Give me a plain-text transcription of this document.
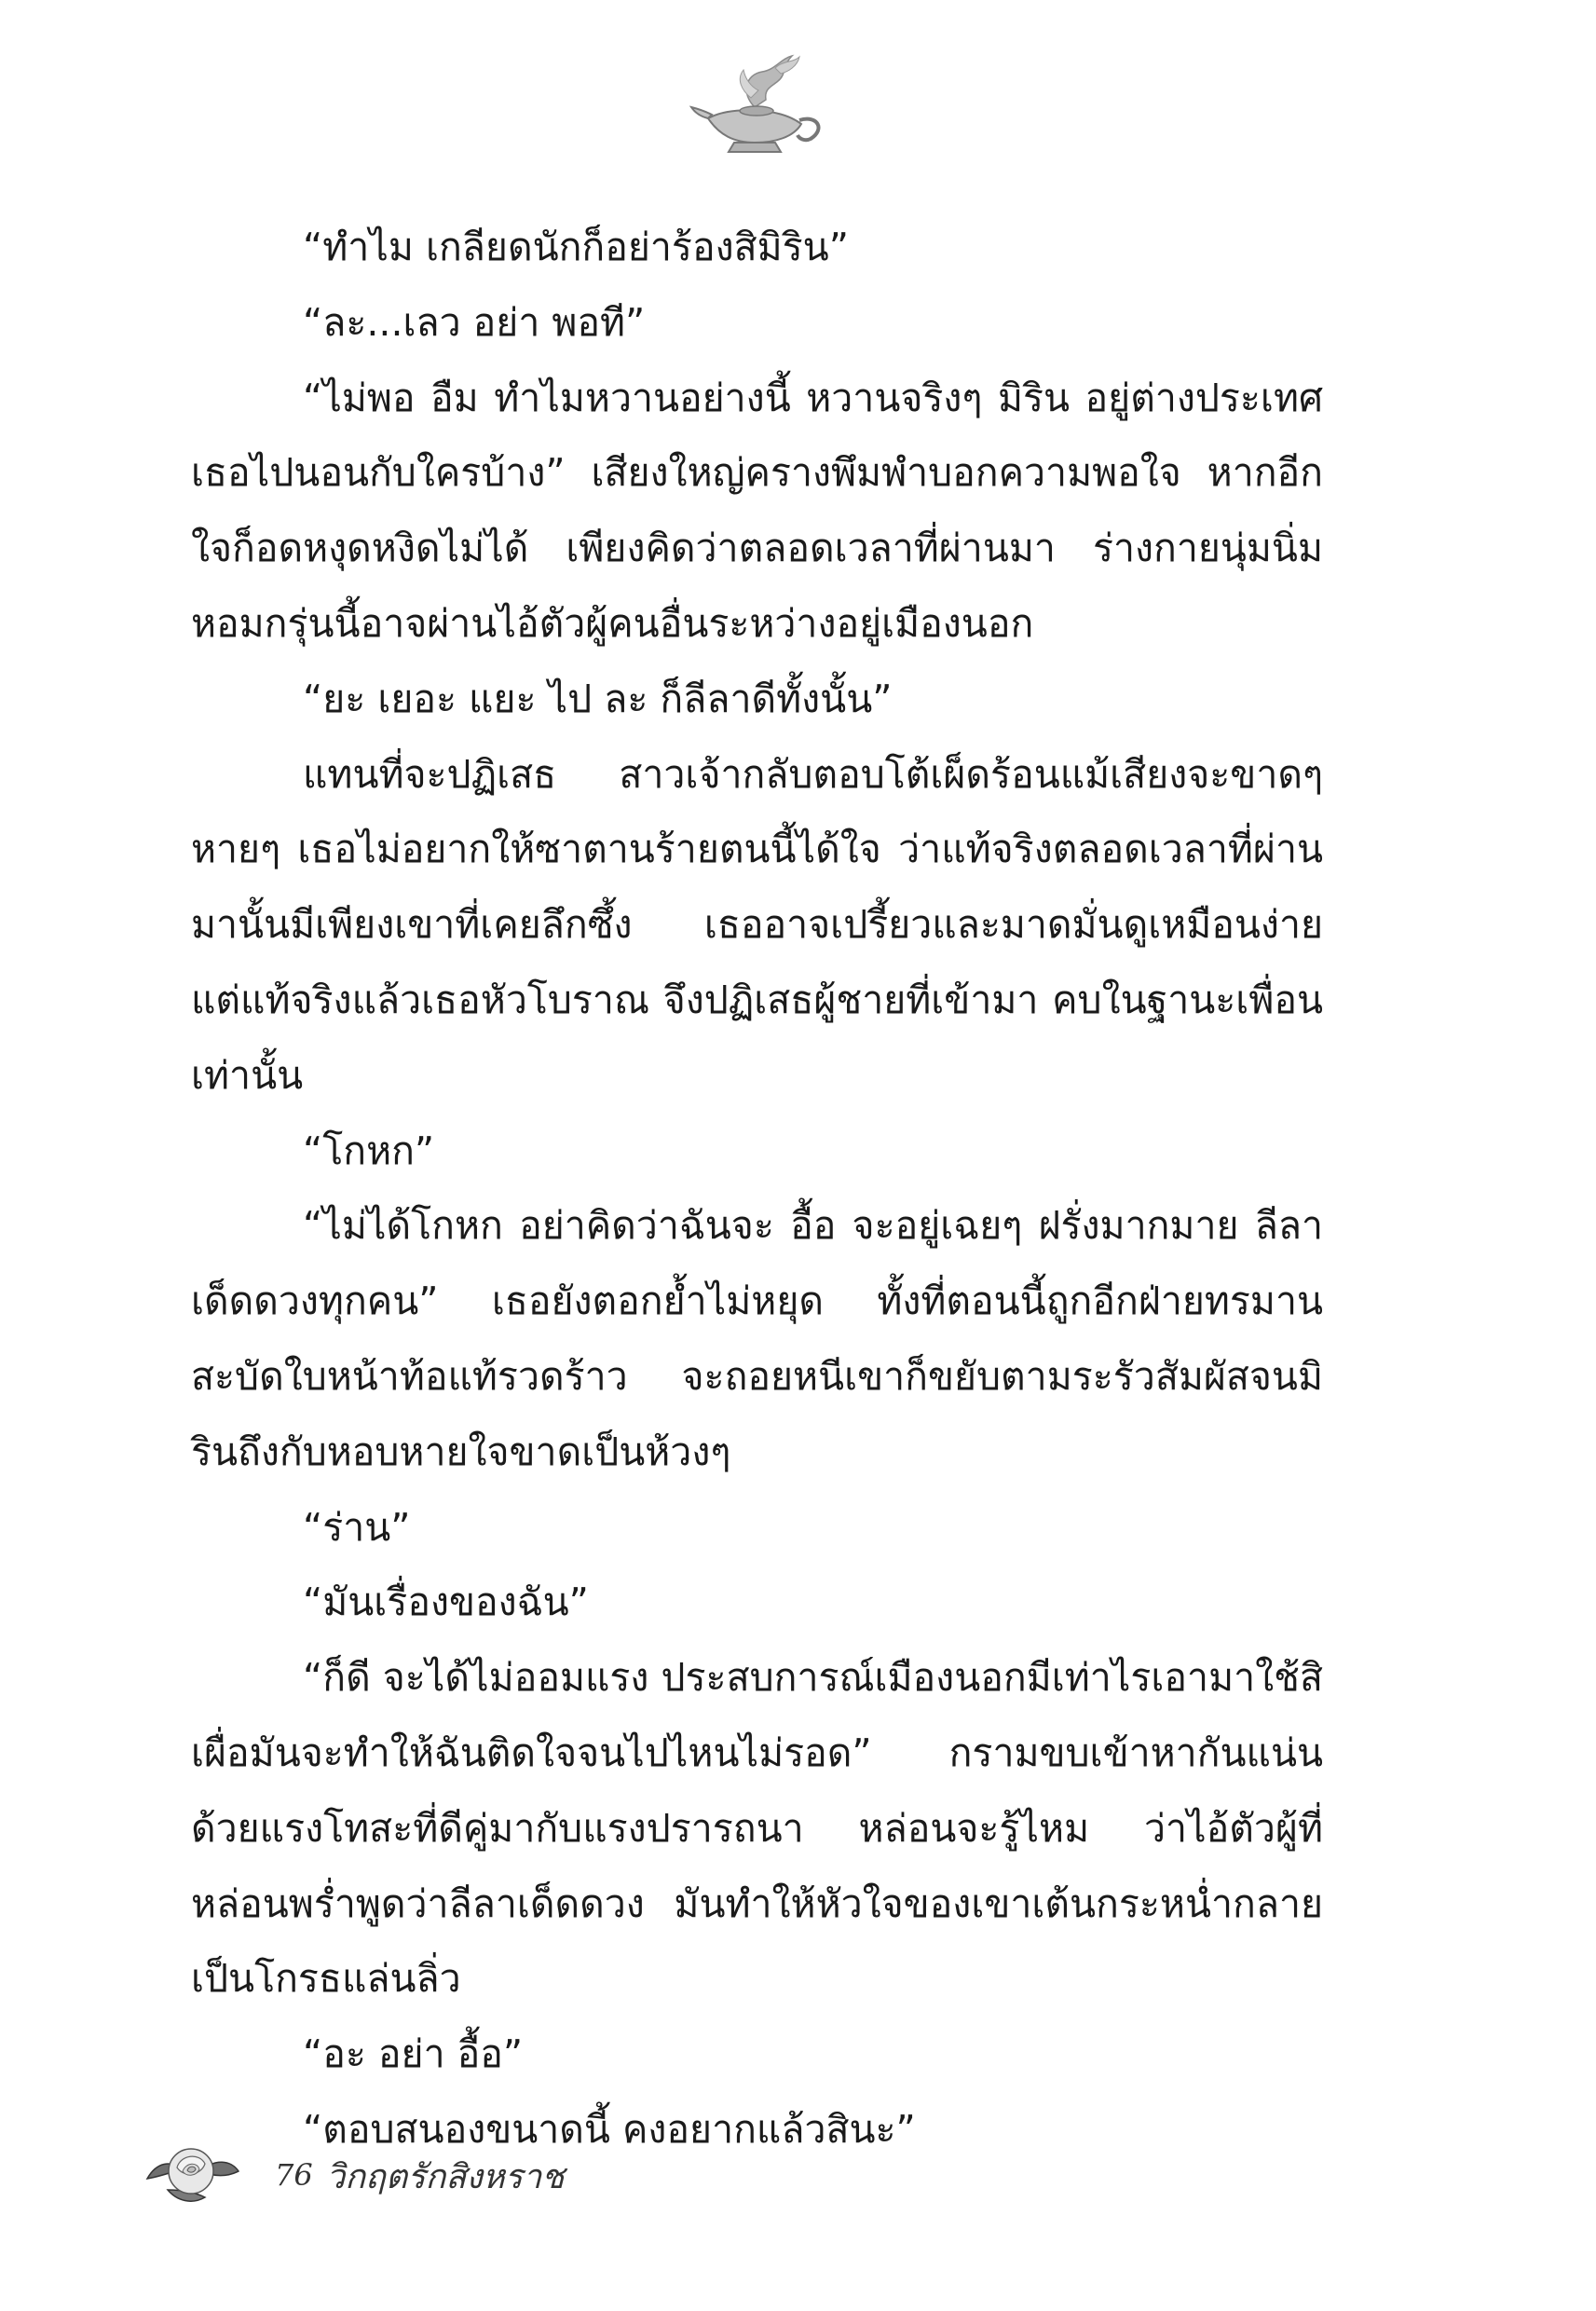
“ทำไม เกลียดนักก็อย่าร้องสิมิริน”

“ละ...เลว อย่า พอที”

“ไม่พอ อืม ทำไมหวานอย่างนี้ หวานจริงๆ มิริน อยู่ต่างประเทศเธอไปนอนกับใครบ้าง” เสียงใหญ่ครางพึมพำบอกความพอใจ หากอีกใจก็อดหงุดหงิดไม่ได้ เพียงคิดว่าตลอดเวลาที่ผ่านมา ร่างกายนุ่มนิ่มหอมกรุ่นนี้อาจผ่านไอ้ตัวผู้คนอื่นระหว่างอยู่เมืองนอก

“ยะ เยอะ แยะ ไป ละ ก็ลีลาดีทั้งนั้น”

แทนที่จะปฏิเสธ สาวเจ้ากลับตอบโต้เผ็ดร้อนแม้เสียงจะขาดๆ หายๆ เธอไม่อยากให้ซาตานร้ายตนนี้ได้ใจ ว่าแท้จริงตลอดเวลาที่ผ่านมานั้นมีเพียงเขาที่เคยลึกซึ้ง เธออาจเปรี้ยวและมาดมั่นดูเหมือนง่าย แต่แท้จริงแล้วเธอหัวโบราณ จึงปฏิเสธผู้ชายที่เข้ามา คบในฐานะเพื่อนเท่านั้น

“โกหก”

“ไม่ได้โกหก อย่าคิดว่าฉันจะ อื้อ จะอยู่เฉยๆ ฝรั่งมากมาย ลีลาเด็ดดวงทุกคน” เธอยังตอกย้ำไม่หยุด ทั้งที่ตอนนี้ถูกอีกฝ่ายทรมานสะบัดใบหน้าท้อแท้รวดร้าว จะถอยหนีเขาก็ขยับตามระรัวสัมผัสจนมิรินถึงกับหอบหายใจขาดเป็นห้วงๆ

“ร่าน”

“มันเรื่องของฉัน”

“ก็ดี จะได้ไม่ออมแรง ประสบการณ์เมืองนอกมีเท่าไรเอามาใช้สิเผื่อมันจะทำให้ฉันติดใจจนไปไหนไม่รอด” กรามขบเข้าหากันแน่นด้วยแรงโทสะที่ดีคู่มากับแรงปรารถนา หล่อนจะรู้ไหม ว่าไอ้ตัวผู้ที่หล่อนพร่ำพูดว่าลีลาเด็ดดวง มันทำให้หัวใจของเขาเต้นกระหน่ำกลายเป็นโกรธแล่นลิ่ว

“อะ อย่า อื้อ”

“ตอบสนองขนาดนี้ คงอยากแล้วสินะ”

76 วิกฤตรักสิงหราช
